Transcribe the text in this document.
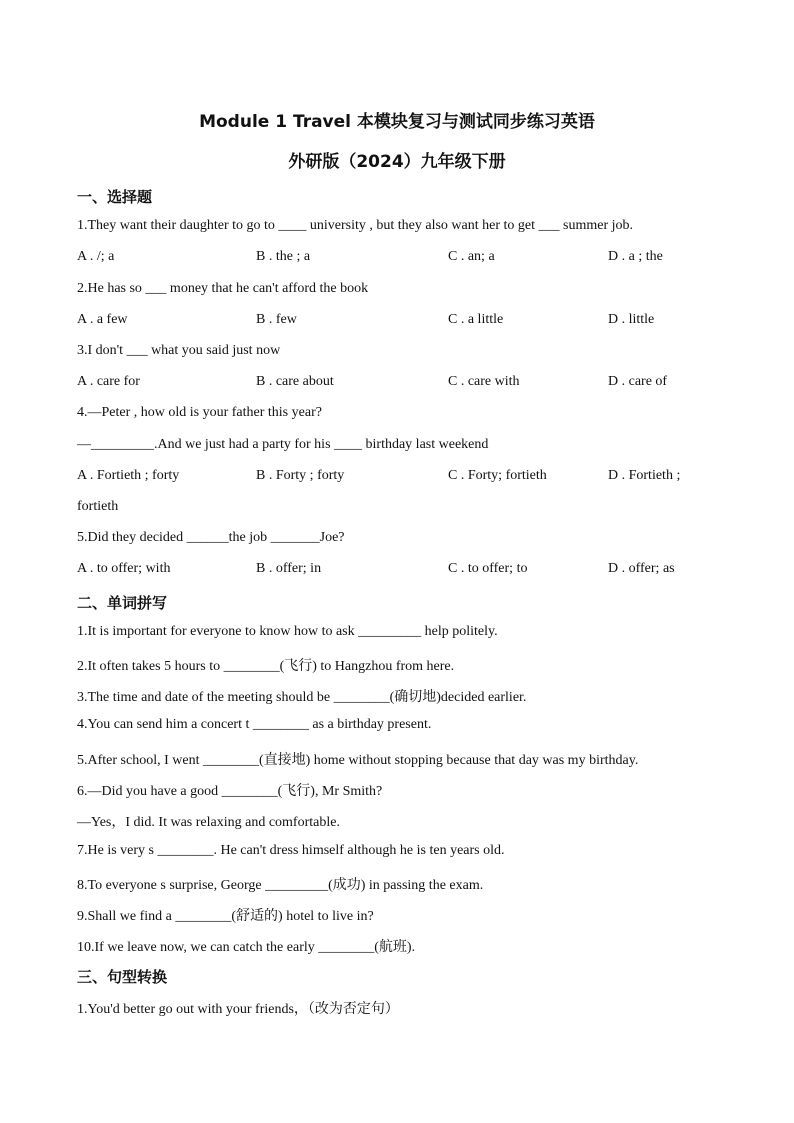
Module 1 Travel 本模块复习与测试同步练习英语
外研版（2024）九年级下册
一、选择题
1.They want their daughter to go to ____ university , but they also want her to get ___ summer job.
A . /; a	B . the ; a	C . an; a	D . a ; the
2.He has so ___ money that he can't afford the book
A . a few	B . few	C . a little	D . little
3.I don't ___ what you said just now
A . care for	B . care about	C . care with	D . care of
4.—Peter , how old is your father this year?
—_________.And we just had a party for his ____ birthday last weekend
A . Fortieth ; forty	B . Forty ; forty	C . Forty; fortieth	D . Fortieth ;
fortieth
5.Did they decided ______the job _______Joe?
A . to offer; with	B . offer; in	C . to offer; to	D . offer; as
二、单词拼写
1.It is important for everyone to know how to ask _________ help politely.
2.It often takes 5 hours to ________(飞行) to Hangzhou from here.
3.The time and date of the meeting should be ________(确切地)decided earlier.
4.You can send him a concert t ________ as a birthday present.
5.After school, I went ________(直接地) home without stopping because that day was my birthday.
6.—Did you have a good ________(飞行), Mr Smith?
—Yes，I did. It was relaxing and comfortable.
7.He is very s ________. He can't dress himself although he is ten years old.
8.To everyone s surprise, George _________(成功) in passing the exam.
9.Shall we find a ________(舒适的) hotel to live in?
10.If we leave now, we can catch the early ________(航班).
三、句型转换
1.You'd better go out with your friends，（改为否定句）
